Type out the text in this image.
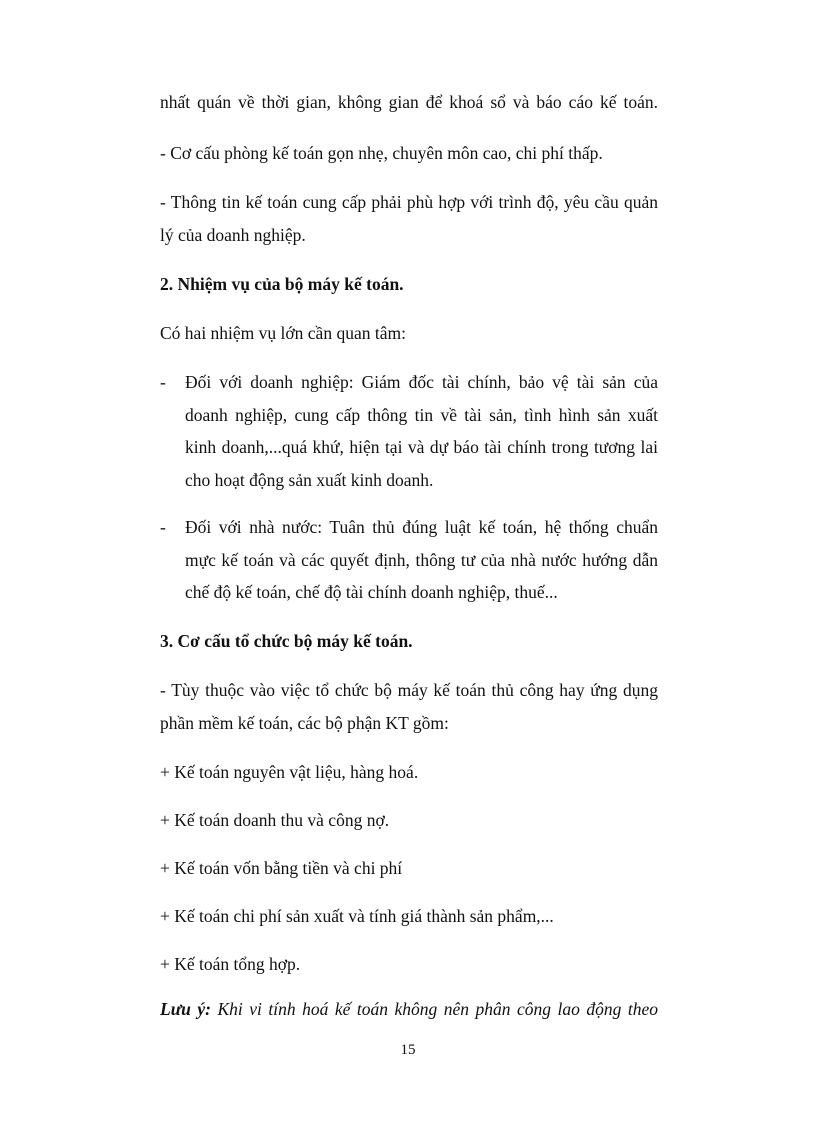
nhất quán về thời gian, không gian để khoá sổ và báo cáo kế toán.
- Cơ cấu phòng kế toán gọn nhẹ, chuyên môn cao, chi phí thấp.
- Thông tin kế toán cung cấp phải phù hợp với trình độ, yêu cầu quản
lý của doanh nghiệp.
2. Nhiệm vụ của bộ máy kế toán.
Có hai nhiệm vụ lớn cần quan tâm:
- Đối với doanh nghiệp: Giám đốc tài chính, bảo vệ tài sản của
doanh nghiệp, cung cấp thông tin về tài sản, tình hình sản xuất
kinh doanh,...quá khứ, hiện tại và dự báo tài chính trong tương lai
cho hoạt động sản xuất kinh doanh.
- Đối với nhà nước: Tuân thủ đúng luật kế toán, hệ thống chuẩn
mực kế toán và các quyết định, thông tư của nhà nước hướng dẫn
chế độ kế toán, chế độ tài chính doanh nghiệp, thuế...
3. Cơ cấu tổ chức bộ máy kế toán.
- Tùy thuộc vào việc tổ chức bộ máy kế toán thủ công hay ứng dụng
phần mềm kế toán, các bộ phận KT gồm:
+ Kế toán nguyên vật liệu, hàng hoá.
+ Kế toán doanh thu và công nợ.
+ Kế toán vốn bằng tiền và chi phí
+ Kế toán chi phí sản xuất và tính giá thành sản phẩm,...
+ Kế toán tổng hợp.
Lưu ý: Khi vi tính hoá kế toán không nên phân công lao động theo
15
